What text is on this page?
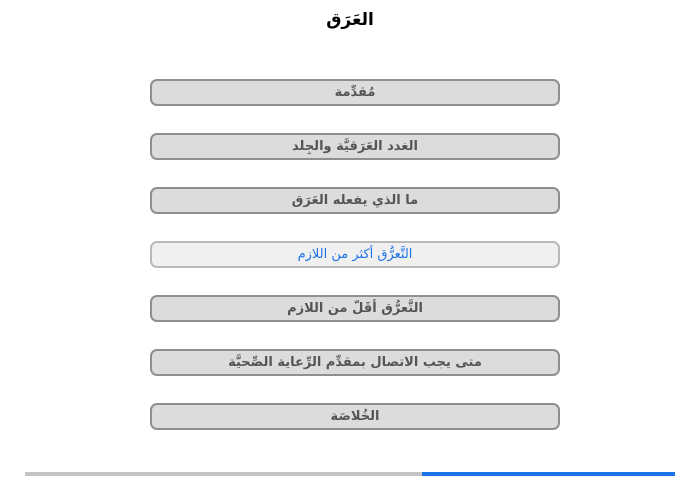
العَرَق
مُقدِّمة
الغدد العَرَقيَّة والجِلد
ما الذي يفعله العَرَق
التَّعرُّق أكثر من اللازم
التَّعرُّق أقَلّ من اللازم
متى يجب الاتصال بمقدِّم الرِّعاية الصِّحيَّة
الخُلاصَة
